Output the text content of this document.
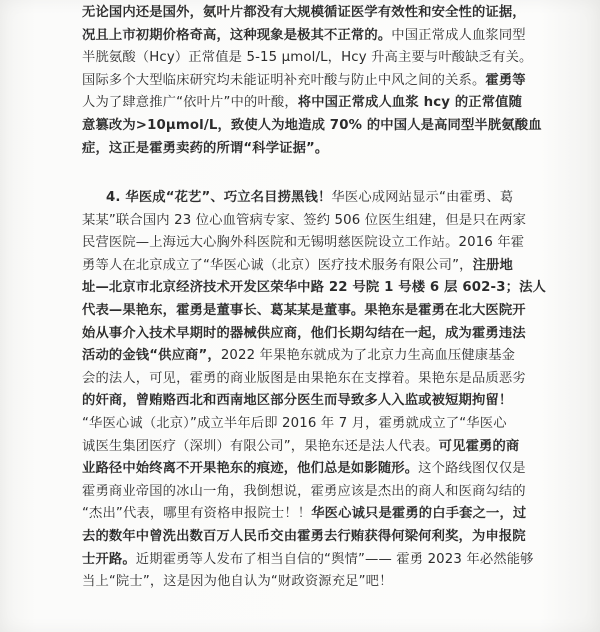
无论国内还是国外，氨叶片都没有大规模循证医学有效性和安全性的证据，
况且上市初期价格奇高，这种现象是极其不正常的。中国正常成人血浆同型
半胱氨酸（Hcy）正常值是 5-15 μmol/L，Hcy 升高主要与叶酸缺乏有关。
国际多个大型临床研究均未能证明补充叶酸与防止中风之间的关系。霍勇等
人为了肆意推广“依叶片”中的叶酸，将中国正常成人血浆 hcy 的正常值随
意篡改为>10μmol/L，致使人为地造成 70% 的中国人是高同型半胱氨酸血
症，这正是霍勇卖药的所谓“科学证据”。
4. 华医成“花艺”、巧立名目捞黑钱！华医心成网站显示“由霍勇、葛
某某”联合国内 23 位心血管病专家、签约 506 位医生组建，但是只在两家
民营医院—上海远大心胸外科医院和无锡明慈医院设立工作站。2016 年霍
勇等人在北京成立了“华医心诚（北京）医疗技术服务有限公司”，注册地
址—北京市北京经济技术开发区荣华中路 22 号院 1 号楼 6 层 602-3；法人
代表—果艳东，霍勇是董事长、葛某某是董事。果艳东是霍勇在北大医院开
始从事介入技术早期时的器械供应商，他们长期勾结在一起，成为霍勇违法
活动的金钱“供应商”，2022 年果艳东就成为了北京力生高血压健康基金
会的法人，可见，霍勇的商业版图是由果艳东在支撑着。果艳东是品质恶劣
的奸商，曾贿赂西北和西南地区部分医生而导致多人入监或被短期拘留！
“华医心诚（北京）”成立半年后即 2016 年 7 月，霍勇就成立了“华医心
诚医生集团医疗（深圳）有限公司”，果艳东还是法人代表。可见霍勇的商
业路径中始终离不开果艳东的痕迹，他们总是如影随形。这个路线图仅仅是
霍勇商业帝国的冰山一角，我倒想说，霍勇应该是杰出的商人和医商勾结的
“杰出”代表，哪里有资格申报院士！！华医心诚只是霍勇的白手套之一，过
去的数年中曾洗出数百万人民币交由霍勇去行贿获得何梁何利奖，为申报院
士开路。近期霍勇等人发布了相当自信的“舆情”—— 霍勇 2023 年必然能够
当上“院士”，这是因为他自认为“财政资源充足”吧！
